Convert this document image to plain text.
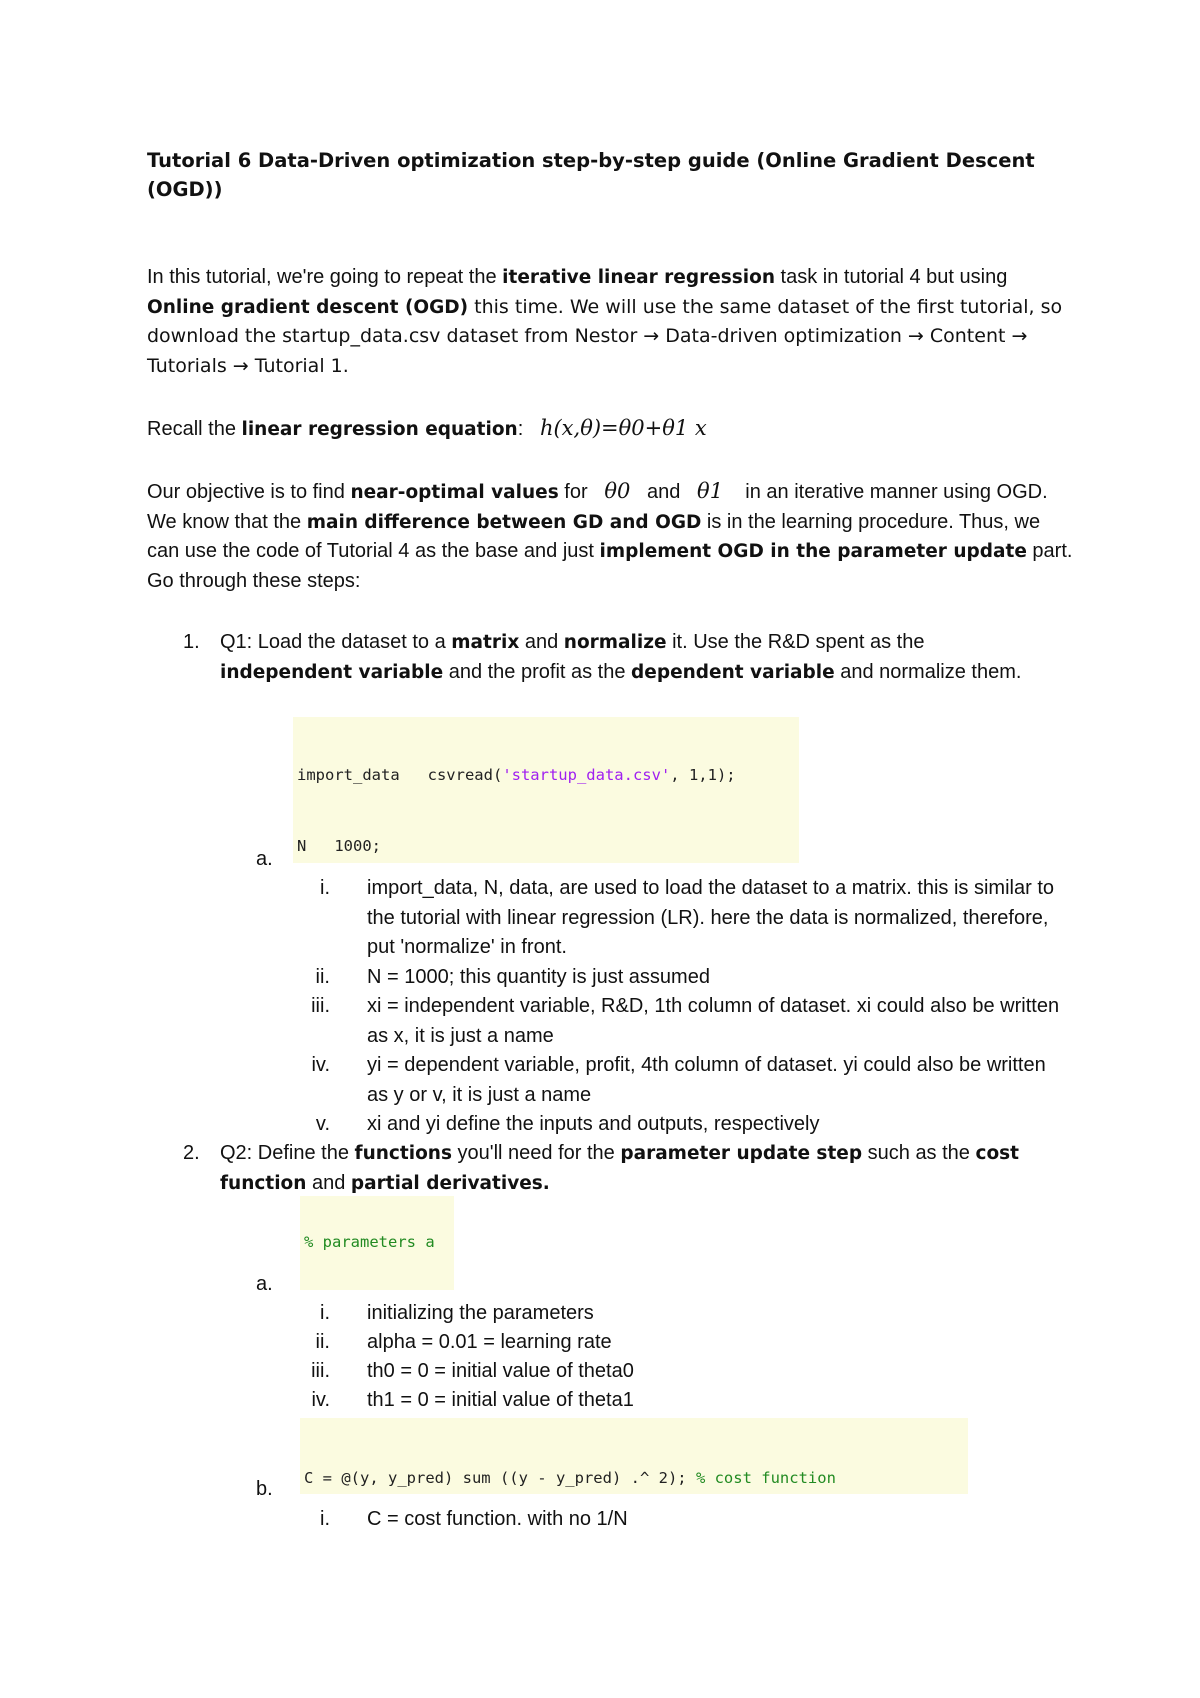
Tutorial 6 Data-Driven optimization step-by-step guide (Online Gradient Descent (OGD))
In this tutorial, we're going to repeat the iterative linear regression task in tutorial 4 but using Online gradient descent (OGD) this time. We will use the same dataset of the first tutorial, so download the startup_data.csv dataset from Nestor → Data-driven optimization → Content → Tutorials → Tutorial 1.
Recall the linear regression equation: h(x,θ)=θ0+θ1 x
Our objective is to find near-optimal values for   θ0 and θ1    in an iterative manner using OGD. We know that the main difference between GD and OGD is in the learning procedure. Thus, we can use the code of Tutorial 4 as the base and just implement OGD in the parameter update part. Go through these steps:
1. Q1: Load the dataset to a matrix and normalize it. Use the R&D spent as the independent variable and the profit as the dependent variable and normalize them.

import_data   csvread('startup_data.csv', 1,1);

N   1000;

a.
i. import_data, N, data, are used to load the dataset to a matrix. this is similar to the tutorial with linear regression (LR). here the data is normalized, therefore, put 'normalize' in front.
ii. N = 1000; this quantity is just assumed
iii. xi = independent variable, R&D, 1th column of dataset. xi could also be written as x, it is just a name
iv. yi = dependent variable, profit, 4th column of dataset. yi could also be written as y or v, it is just a name
v. xi and yi define the inputs and outputs, respectively
2. Q2: Define the functions you'll need for the parameter update step such as the cost function and partial derivatives.

% parameters a

a.
i. initializing the parameters
ii. alpha = 0.01 = learning rate
iii. th0 = 0 = initial value of theta0
iv. th1 = 0 = initial value of theta1

C = @(y, y_pred) sum ((y - y_pred) .^ 2); % cost function

b.
i. C = cost function. with no 1/N
